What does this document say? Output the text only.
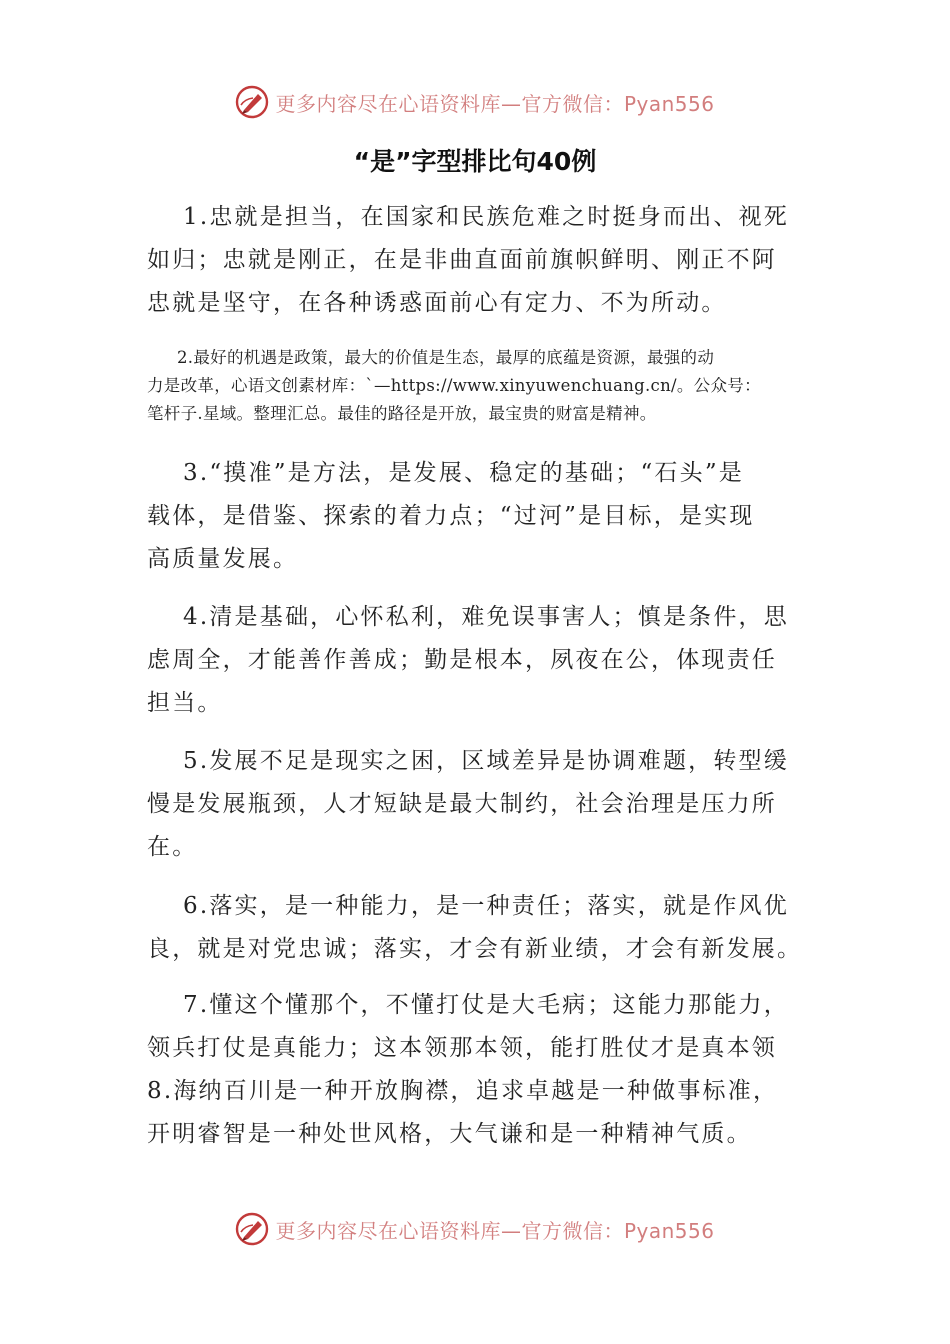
更多内容尽在心语资料库—官方微信：Pyan556
“是”字型排比句40例

1.忠就是担当，在国家和民族危难之时挺身而出、视死
如归；忠就是刚正，在是非曲直面前旗帜鲜明、刚正不阿
忠就是坚守，在各种诱惑面前心有定力、不为所动。

2.最好的机遇是政策，最大的价值是生态，最厚的底蕴是资源，最强的动
力是改革，心语文创素材库：`—https://www.xinyuwenchuang.cn/。公众号：
笔杆子.星域。整理汇总。最佳的路径是开放，最宝贵的财富是精神。

3.“摸准”是方法，是发展、稳定的基础；“石头”是
载体，是借鉴、探索的着力点；“过河”是目标，是实现
高质量发展。

4.清是基础，心怀私利，难免误事害人；慎是条件，思
虑周全，才能善作善成；勤是根本，夙夜在公，体现责任
担当。

5.发展不足是现实之困，区域差异是协调难题，转型缓
慢是发展瓶颈，人才短缺是最大制约，社会治理是压力所
在。

6.落实，是一种能力，是一种责任；落实，就是作风优
良，就是对党忠诚；落实，才会有新业绩，才会有新发展。

7.懂这个懂那个，不懂打仗是大毛病；这能力那能力，
领兵打仗是真能力；这本领那本领，能打胜仗才是真本领
8.海纳百川是一种开放胸襟，追求卓越是一种做事标准，
开明睿智是一种处世风格，大气谦和是一种精神气质。

更多内容尽在心语资料库—官方微信：Pyan556
